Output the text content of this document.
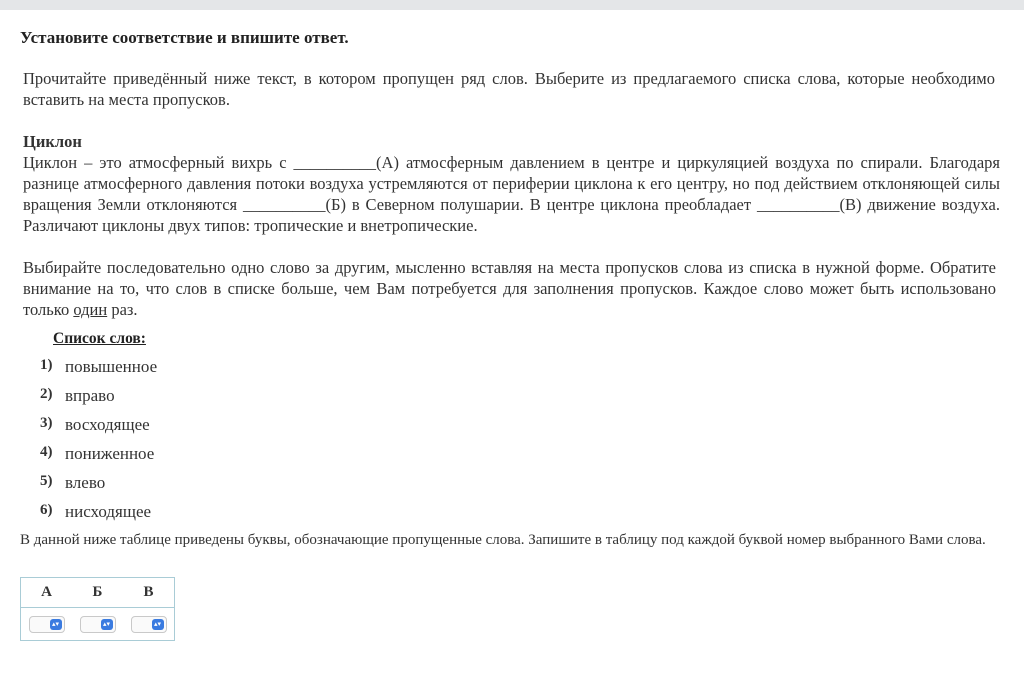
Установите соответствие и впишите ответ.
Прочитайте приведённый ниже текст, в котором пропущен ряд слов. Выберите из предлагаемого списка слова, которые необходимо вставить на места пропусков.
Циклон
Циклон – это атмосферный вихрь с __________(А) атмосферным давлением в центре и циркуляцией воздуха по спирали. Благодаря разнице атмосферного давления потоки воздуха устремляются от периферии циклона к его центру, но под действием отклоняющей силы вращения Земли отклоняются __________(Б) в Северном полушарии. В центре циклона преобладает __________(В) движение воздуха. Различают циклоны двух типов: тропические и внетропические.
Выбирайте последовательно одно слово за другим, мысленно вставляя на места пропусков слова из списка в нужной форме. Обратите внимание на то, что слов в списке больше, чем Вам потребуется для заполнения пропусков. Каждое слово может быть использовано только один раз.
Список слов:
1) повышенное
2) вправо
3) восходящее
4) пониженное
5) влево
6) нисходящее
В данной ниже таблице приведены буквы, обозначающие пропущенные слова. Запишите в таблицу под каждой буквой номер выбранного Вами слова.
А	Б	В
▴▾	▴▾	▴▾
